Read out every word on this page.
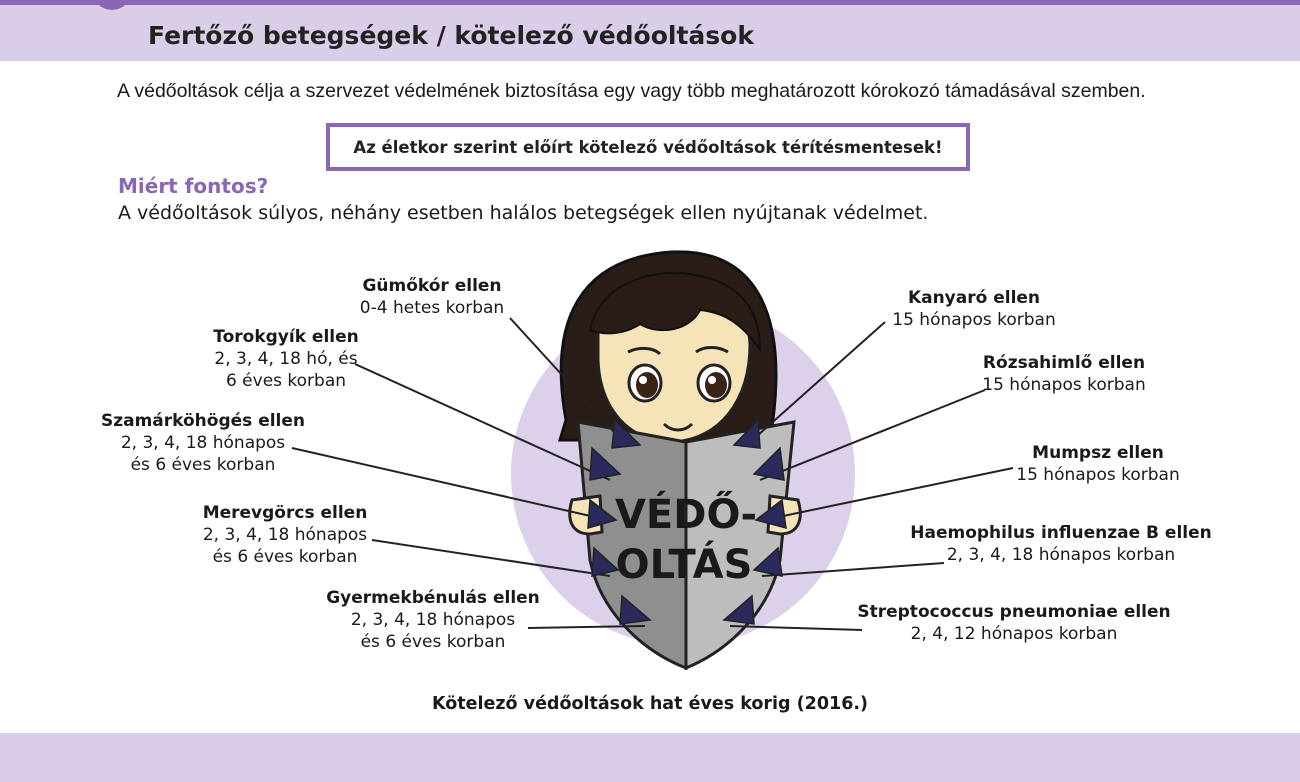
Fertőző betegségek / kötelező védőoltások

A védőoltások célja a szervezet védelmének biztosítása egy vagy több meghatározott kórokozó támadásával szemben.

Az életkor szerint előírt kötelező védőoltások térítésmentesek!
Miért fontos?

A védőoltások súlyos, néhány esetben halálos betegségek ellen nyújtanak védelmet.

VÉDŐ-
OLTÁS
Gümőkór ellen
0-4 hetes korban
Torokgyík ellen
2, 3, 4, 18 hó, és
6 éves korban
Szamárköhögés ellen
2, 3, 4, 18 hónapos
és 6 éves korban
Merevgörcs ellen
2, 3, 4, 18 hónapos
és 6 éves korban
Gyermekbénulás ellen
2, 3, 4, 18 hónapos
és 6 éves korban
Kanyaró ellen
15 hónapos korban
Rózsahimlő ellen
15 hónapos korban
Mumpsz ellen
15 hónapos korban
Haemophilus influenzae B ellen
2, 3, 4, 18 hónapos korban
Streptococcus pneumoniae ellen
2, 4, 12 hónapos korban

Kötelező védőoltások hat éves korig (2016.)
